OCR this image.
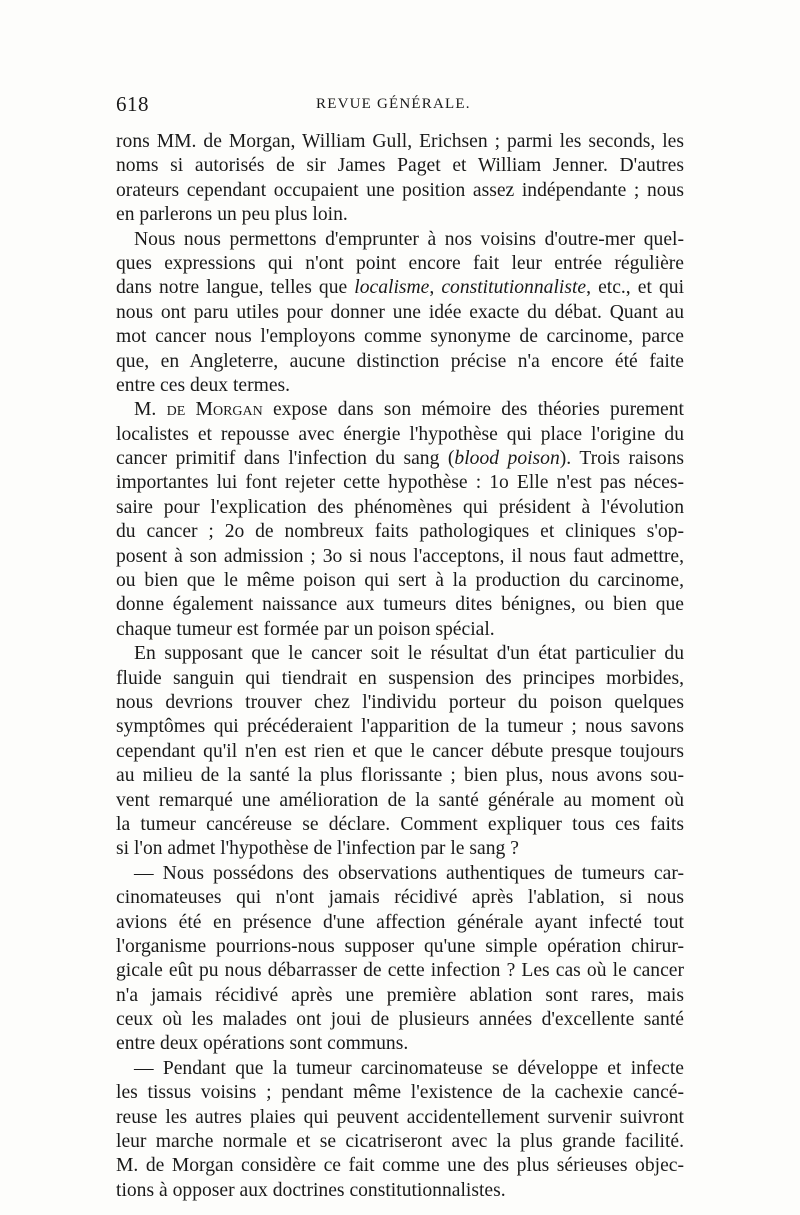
618	REVUE GÉNÉRALE.
rons MM. de Morgan, William Gull, Erichsen ; parmi les seconds, les
noms si autorisés de sir James Paget et William Jenner. D'autres
orateurs cependant occupaient une position assez indépendante ; nous
en parlerons un peu plus loin.
Nous nous permettons d'emprunter à nos voisins d'outre-mer quel-
ques expressions qui n'ont point encore fait leur entrée régulière
dans notre langue, telles que localisme, constitutionnaliste, etc., et qui
nous ont paru utiles pour donner une idée exacte du débat. Quant au
mot cancer nous l'employons comme synonyme de carcinome, parce
que, en Angleterre, aucune distinction précise n'a encore été faite
entre ces deux termes.
M. de Morgan expose dans son mémoire des théories purement
localistes et repousse avec énergie l'hypothèse qui place l'origine du
cancer primitif dans l'infection du sang (blood poison). Trois raisons
importantes lui font rejeter cette hypothèse : 1o Elle n'est pas néces-
saire pour l'explication des phénomènes qui président à l'évolution
du cancer ; 2o de nombreux faits pathologiques et cliniques s'op-
posent à son admission ; 3o si nous l'acceptons, il nous faut admettre,
ou bien que le même poison qui sert à la production du carcinome,
donne également naissance aux tumeurs dites bénignes, ou bien que
chaque tumeur est formée par un poison spécial.
En supposant que le cancer soit le résultat d'un état particulier du
fluide sanguin qui tiendrait en suspension des principes morbides,
nous devrions trouver chez l'individu porteur du poison quelques
symptômes qui précéderaient l'apparition de la tumeur ; nous savons
cependant qu'il n'en est rien et que le cancer débute presque toujours
au milieu de la santé la plus florissante ; bien plus, nous avons sou-
vent remarqué une amélioration de la santé générale au moment où
la tumeur cancéreuse se déclare. Comment expliquer tous ces faits
si l'on admet l'hypothèse de l'infection par le sang ?
— Nous possédons des observations authentiques de tumeurs car-
cinomateuses qui n'ont jamais récidivé après l'ablation, si nous
avions été en présence d'une affection générale ayant infecté tout
l'organisme pourrions-nous supposer qu'une simple opération chirur-
gicale eût pu nous débarrasser de cette infection ? Les cas où le cancer
n'a jamais récidivé après une première ablation sont rares, mais
ceux où les malades ont joui de plusieurs années d'excellente santé
entre deux opérations sont communs.
— Pendant que la tumeur carcinomateuse se développe et infecte
les tissus voisins ; pendant même l'existence de la cachexie cancé-
reuse les autres plaies qui peuvent accidentellement survenir suivront
leur marche normale et se cicatriseront avec la plus grande facilité.
M. de Morgan considère ce fait comme une des plus sérieuses objec-
tions à opposer aux doctrines constitutionnalistes.
